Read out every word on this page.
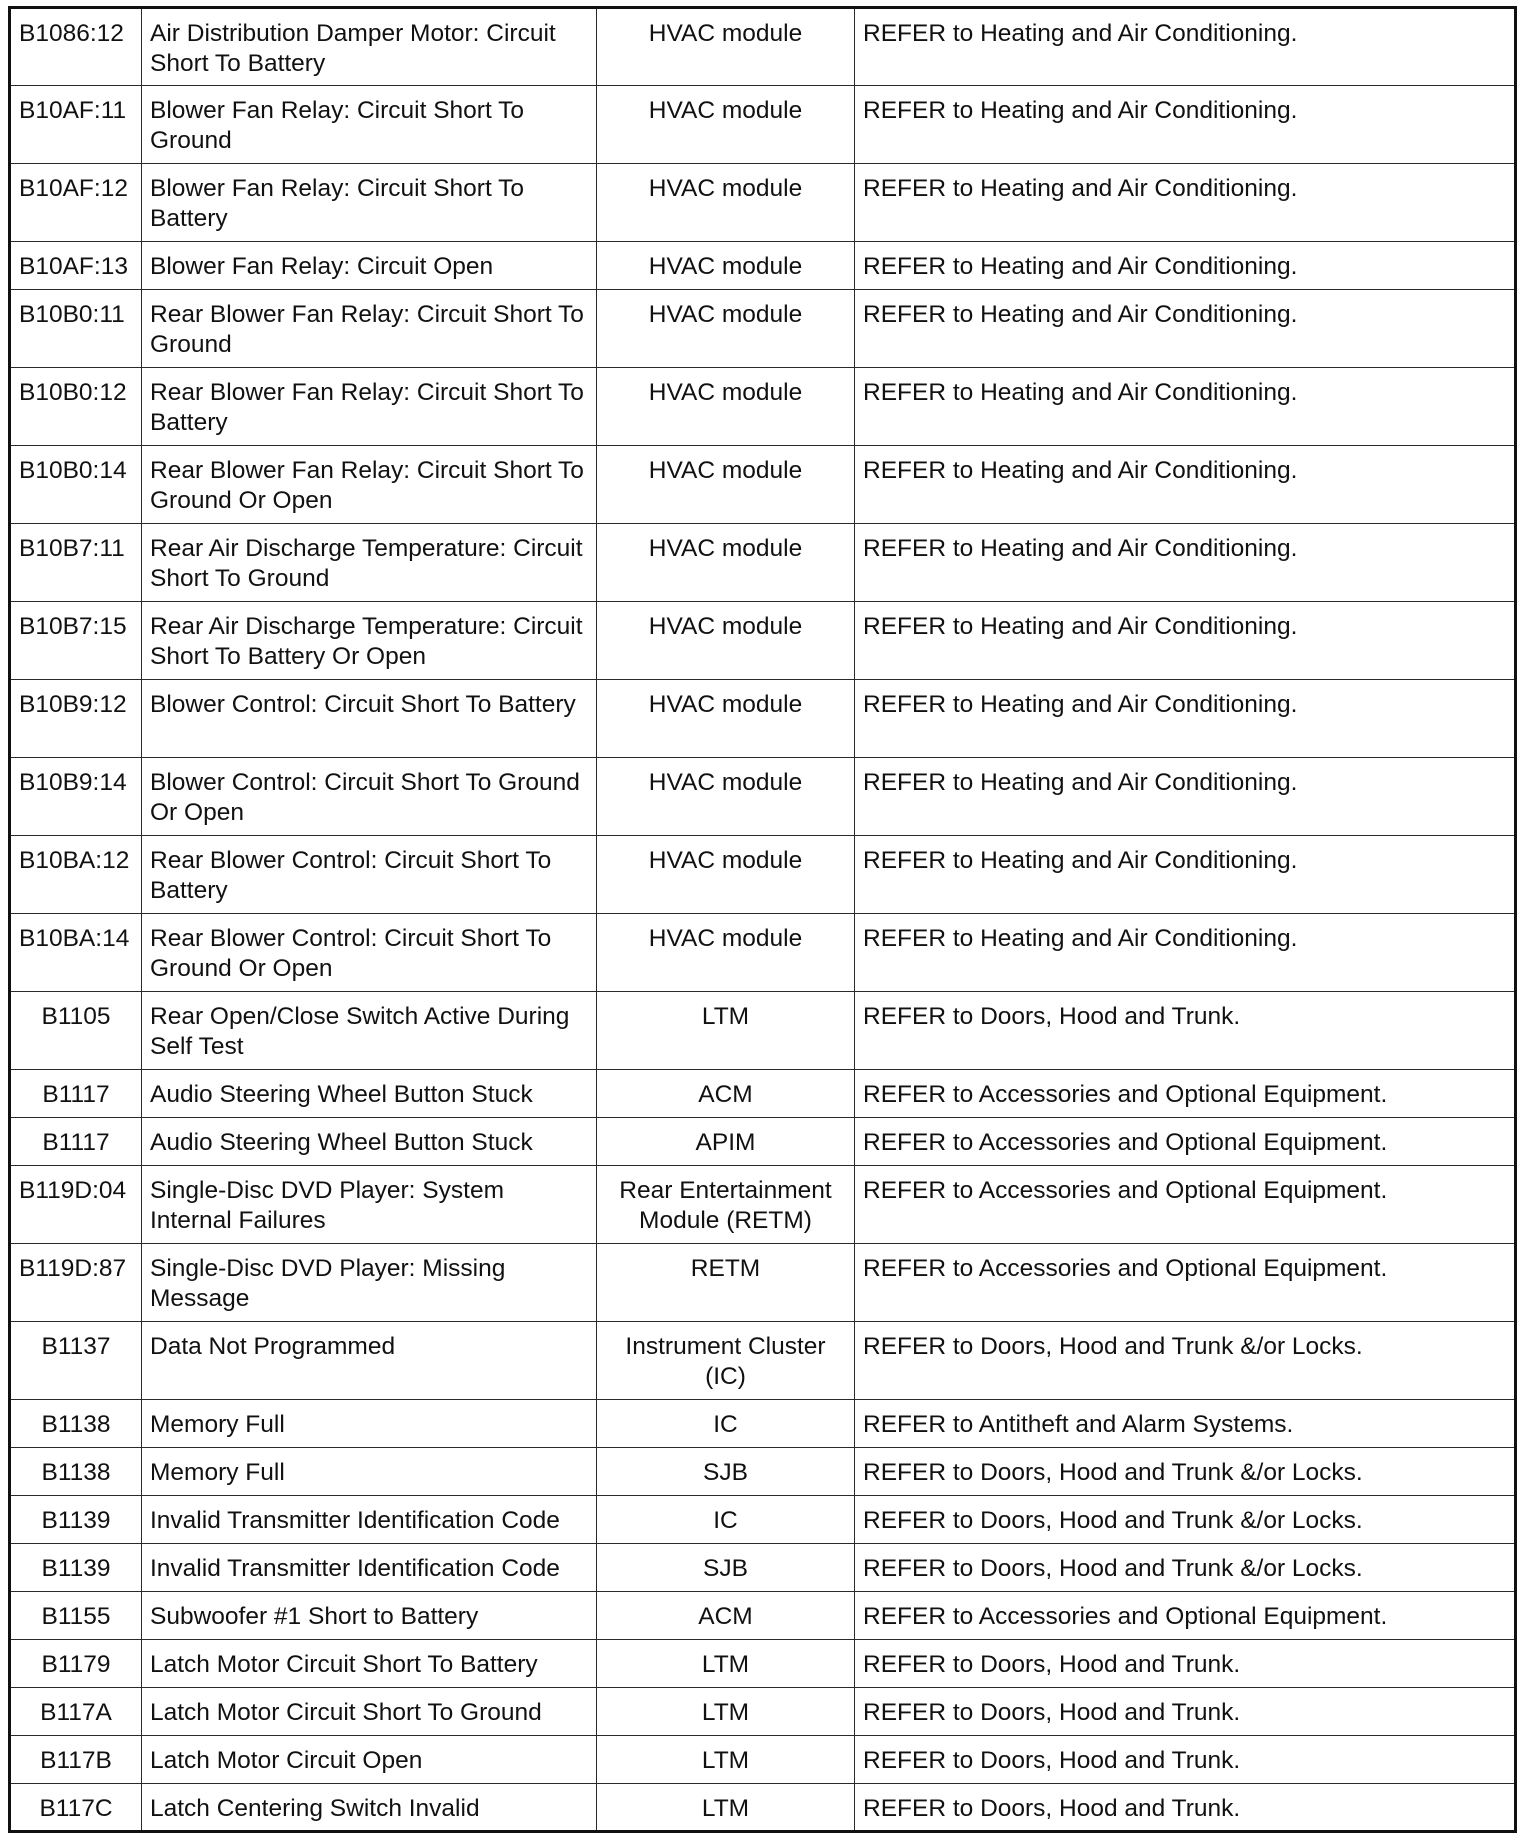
B1086:12	Air Distribution Damper Motor: Circuit Short To Battery	HVAC module	REFER to Heating and Air Conditioning.
B10AF:11	Blower Fan Relay: Circuit Short To Ground	HVAC module	REFER to Heating and Air Conditioning.
B10AF:12	Blower Fan Relay: Circuit Short To Battery	HVAC module	REFER to Heating and Air Conditioning.
B10AF:13	Blower Fan Relay: Circuit Open	HVAC module	REFER to Heating and Air Conditioning.
B10B0:11	Rear Blower Fan Relay: Circuit Short To Ground	HVAC module	REFER to Heating and Air Conditioning.
B10B0:12	Rear Blower Fan Relay: Circuit Short To Battery	HVAC module	REFER to Heating and Air Conditioning.
B10B0:14	Rear Blower Fan Relay: Circuit Short To Ground Or Open	HVAC module	REFER to Heating and Air Conditioning.
B10B7:11	Rear Air Discharge Temperature: Circuit Short To Ground	HVAC module	REFER to Heating and Air Conditioning.
B10B7:15	Rear Air Discharge Temperature: Circuit Short To Battery Or Open	HVAC module	REFER to Heating and Air Conditioning.
B10B9:12	Blower Control: Circuit Short To Battery	HVAC module	REFER to Heating and Air Conditioning.
B10B9:14	Blower Control: Circuit Short To Ground Or Open	HVAC module	REFER to Heating and Air Conditioning.
B10BA:12	Rear Blower Control: Circuit Short To Battery	HVAC module	REFER to Heating and Air Conditioning.
B10BA:14	Rear Blower Control: Circuit Short To Ground Or Open	HVAC module	REFER to Heating and Air Conditioning.
B1105	Rear Open/Close Switch Active During Self Test	LTM	REFER to Doors, Hood and Trunk.
B1117	Audio Steering Wheel Button Stuck	ACM	REFER to Accessories and Optional Equipment.
B1117	Audio Steering Wheel Button Stuck	APIM	REFER to Accessories and Optional Equipment.
B119D:04	Single-Disc DVD Player: System Internal Failures	Rear Entertainment Module (RETM)	REFER to Accessories and Optional Equipment.
B119D:87	Single-Disc DVD Player: Missing Message	RETM	REFER to Accessories and Optional Equipment.
B1137	Data Not Programmed	Instrument Cluster (IC)	REFER to Doors, Hood and Trunk &/or Locks.
B1138	Memory Full	IC	REFER to Antitheft and Alarm Systems.
B1138	Memory Full	SJB	REFER to Doors, Hood and Trunk &/or Locks.
B1139	Invalid Transmitter Identification Code	IC	REFER to Doors, Hood and Trunk &/or Locks.
B1139	Invalid Transmitter Identification Code	SJB	REFER to Doors, Hood and Trunk &/or Locks.
B1155	Subwoofer #1 Short to Battery	ACM	REFER to Accessories and Optional Equipment.
B1179	Latch Motor Circuit Short To Battery	LTM	REFER to Doors, Hood and Trunk.
B117A	Latch Motor Circuit Short To Ground	LTM	REFER to Doors, Hood and Trunk.
B117B	Latch Motor Circuit Open	LTM	REFER to Doors, Hood and Trunk.
B117C	Latch Centering Switch Invalid	LTM	REFER to Doors, Hood and Trunk.
